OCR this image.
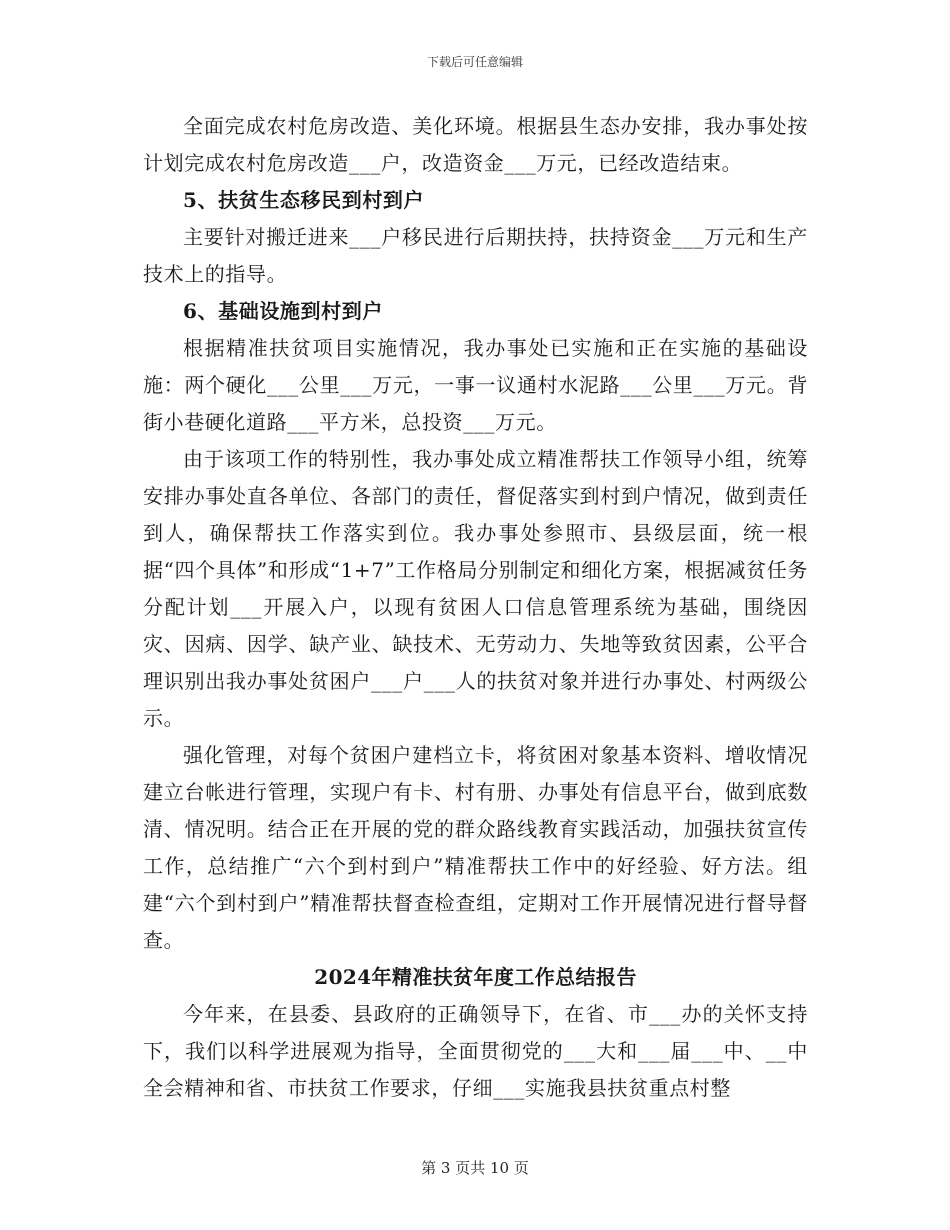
下载后可任意编辑

全面完成农村危房改造、美化环境。根据县生态办安排，我办事处按计划完成农村危房改造___户，改造资金___万元，已经改造结束。

5、扶贫生态移民到村到户

主要针对搬迁进来___户移民进行后期扶持，扶持资金___万元和生产技术上的指导。

6、基础设施到村到户

根据精准扶贫项目实施情况，我办事处已实施和正在实施的基础设施：两个硬化___公里___万元，一事一议通村水泥路___公里___万元。背街小巷硬化道路___平方米，总投资___万元。

由于该项工作的特别性，我办事处成立精准帮扶工作领导小组，统筹安排办事处直各单位、各部门的责任，督促落实到村到户情况，做到责任到人，确保帮扶工作落实到位。我办事处参照市、县级层面，统一根据“四个具体”和形成“1+7”工作格局分别制定和细化方案，根据减贫任务分配计划___开展入户，以现有贫困人口信息管理系统为基础，围绕因灾、因病、因学、缺产业、缺技术、无劳动力、失地等致贫因素，公平合理识别出我办事处贫困户___户___人的扶贫对象并进行办事处、村两级公示。

强化管理，对每个贫困户建档立卡，将贫困对象基本资料、增收情况建立台帐进行管理，实现户有卡、村有册、办事处有信息平台，做到底数清、情况明。结合正在开展的党的群众路线教育实践活动，加强扶贫宣传工作，总结推广“六个到村到户”精准帮扶工作中的好经验、好方法。组建“六个到村到户”精准帮扶督查检查组，定期对工作开展情况进行督导督查。

2024年精准扶贫年度工作总结报告

今年来，在县委、县政府的正确领导下，在省、市___办的关怀支持下，我们以科学进展观为指导，全面贯彻党的___大和___届___中、__中全会精神和省、市扶贫工作要求，仔细___实施我县扶贫重点村整

第 3 页共 10 页
